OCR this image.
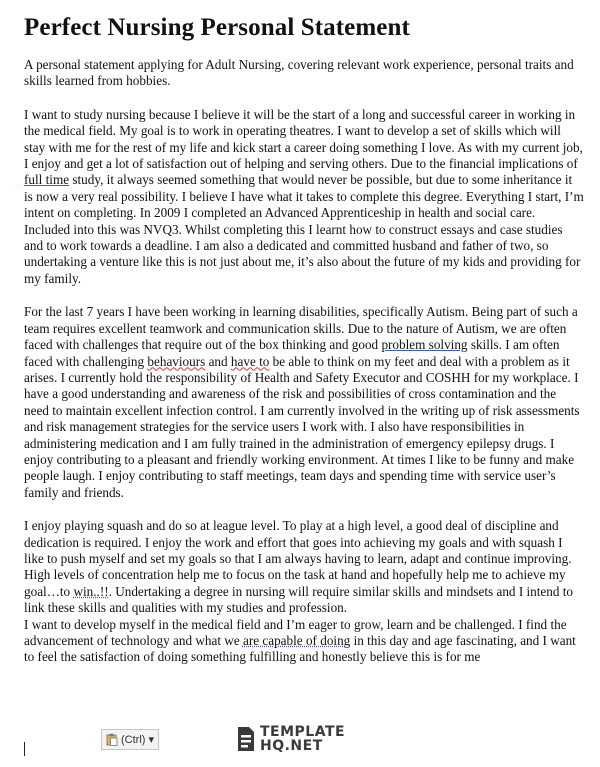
Perfect Nursing Personal Statement

A personal statement applying for Adult Nursing, covering relevant work experience, personal traits and skills learned from hobbies.

I want to study nursing because I believe it will be the start of a long and successful career in working in the medical field. My goal is to work in operating theatres. I want to develop a set of skills which will stay with me for the rest of my life and kick start a career doing something I love. As with my current job, I enjoy and get a lot of satisfaction out of helping and serving others. Due to the financial implications of full time study, it always seemed something that would never be possible, but due to some inheritance it is now a very real possibility. I believe I have what it takes to complete this degree. Everything I start, I’m intent on completing. In 2009 I completed an Advanced Apprenticeship in health and social care. Included into this was NVQ3. Whilst completing this I learnt how to construct essays and case studies and to work towards a deadline. I am also a dedicated and committed husband and father of two, so undertaking a venture like this is not just about me, it’s also about the future of my kids and providing for my family.

For the last 7 years I have been working in learning disabilities, specifically Autism. Being part of such a team requires excellent teamwork and communication skills. Due to the nature of Autism, we are often faced with challenges that require out of the box thinking and good problem solving skills. I am often faced with challenging behaviours and have to be able to think on my feet and deal with a problem as it arises. I currently hold the responsibility of Health and Safety Executor and COSHH for my workplace. I have a good understanding and awareness of the risk and possibilities of cross contamination and the need to maintain excellent infection control. I am currently involved in the writing up of risk assessments and risk management strategies for the service users I work with. I also have responsibilities in administering medication and I am fully trained in the administration of emergency epilepsy drugs. I enjoy contributing to a pleasant and friendly working environment. At times I like to be funny and make people laugh. I enjoy contributing to staff meetings, team days and spending time with service user’s family and friends.

I enjoy playing squash and do so at league level. To play at a high level, a good deal of discipline and dedication is required. I enjoy the work and effort that goes into achieving my goals and with squash I like to push myself and set my goals so that I am always having to learn, adapt and continue improving. High levels of concentration help me to focus on the task at hand and hopefully help me to achieve my goal…to win..!!. Undertaking a degree in nursing will require similar skills and mindsets and I intend to link these skills and qualities with my studies and profession.

I want to develop myself in the medical field and I’m eager to grow, learn and be challenged. I find the advancement of technology and what we are capable of doing in this day and age fascinating, and I want to feel the satisfaction of doing something fulfilling and honestly believe this is for me

(Ctrl) ▾	TEMPLATE
HQ.NET
